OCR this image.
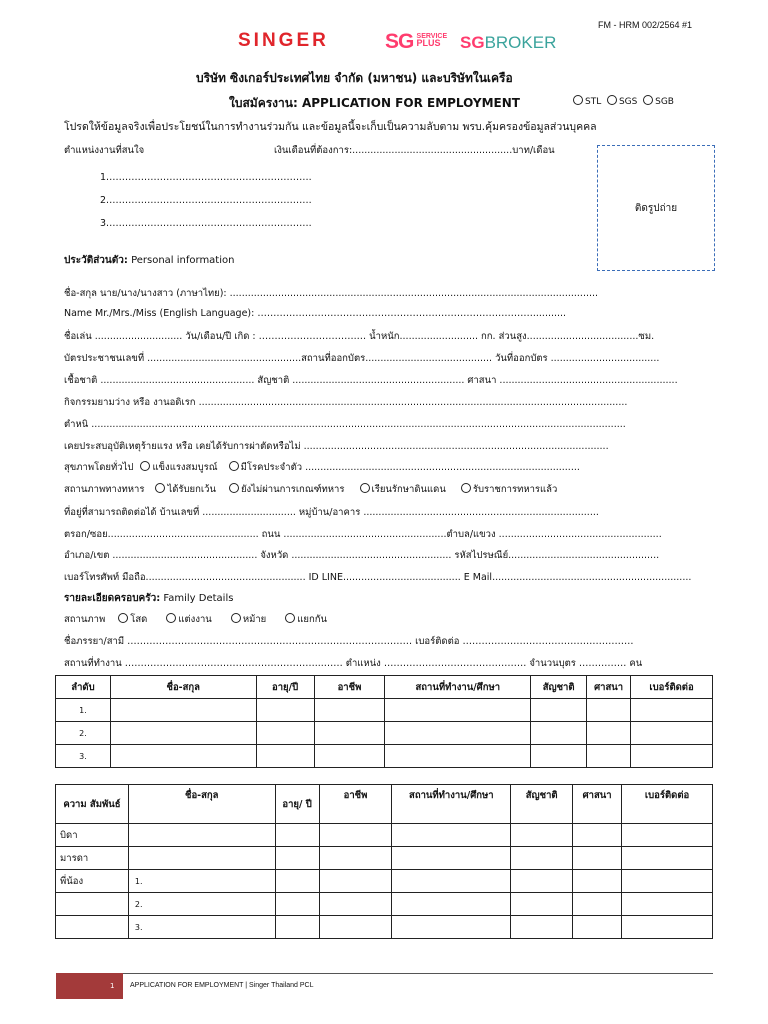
FM - HRM 002/2564 #1
SINGER	SG SERVICE
PLUS	SGBROKER
บริษัท ซิงเกอร์ประเทศไทย จำกัด (มหาชน) และบริษัทในเครือ
ใบสมัครงาน: APPLICATION FOR EMPLOYMENT	STL SGS SGB
โปรดให้ข้อมูลจริงเพื่อประโยชน์ในการทำงานร่วมกัน และข้อมูลนี้จะเก็บเป็นความลับตาม พรบ.คุ้มครองข้อมูลส่วนบุคคล
ตำแหน่งงานที่สนใจ	เงินเดือนที่ต้องการ:.....................................................บาท/เดือน
1.……………………………………………………….
2.……………………………………………………….
3.……………………………………………………….
ติดรูปถ่าย
ประวัติส่วนตัว: Personal information
ชื่อ-สกุล นาย/นาง/นางสาว (ภาษาไทย): ..........................................................................................................................
Name Mr./Mrs./Miss (English Language): ……………………………………………………………………………...........
ชื่อเล่น ............................. วัน/เดือน/ปี เกิด : ………………………….… น้ำหนัก.......................... กก. ส่วนสูง.....................................ซม.
บัตรประชาชนเลขที่ ...................................................สถานที่ออกบัตร.......................................... วันที่ออกบัตร ....................................
เชื้อชาติ ................................................... สัญชาติ ......................................................... ศาสนา ...........................................................
กิจกรรมยามว่าง หรือ งานอดิเรก ..............................................................................................................................................
ตำหนิ .................................................................................................................................................................................
เคยประสบอุบัติเหตุร้ายแรง หรือ เคยได้รับการผ่าตัดหรือไม่ .....................................................................................................
สุขภาพโดยทั่วไป แข็งแรงสมบูรณ์ มีโรคประจำตัว ...........................................................................................
สถานภาพทางทหาร ได้รับยกเว้น	ยังไม่ผ่านการเกณฑ์ทหาร	เรียนรักษาดินแดน	รับราชการทหารแล้ว
ที่อยู่ที่สามารถติดต่อได้ บ้านเลขที่ ............................... หมู่บ้าน/อาคาร ..............................................................................
ตรอก/ซอย.................................................. ถนน ......................................................ตำบล/แขวง ......................................................
อำเภอ/เขต ................................................ จังหวัด ..................................................... รหัสไปรษณีย์..................................................
เบอร์โทรศัพท์ มือถือ..................................................... ID LINE....................................... E Mail..................................................................
รายละเอียดครอบครัว: Family Details
สถานภาพ	โสด	แต่งงาน	หม้าย	แยกกัน
ชื่อภรรยา/สามี ……………………………………………………………………………… เบอร์ติดต่อ ………………………………………………
สถานที่ทำงาน ……………………………………………………...…… ตำแหน่ง ……………………………………… จำนวนบุตร …………… คน
ลำดับ	ชื่อ-สกุล	อายุ/ปี	อาชีพ	สถานที่ทำงาน/ศึกษา	สัญชาติ	ศาสนา	เบอร์ติดต่อ
1.							
2.							
3.							
ความ สัมพันธ์	ชื่อ-สกุล	อายุ/ ปี	อาชีพ	สถานที่ทำงาน/ศึกษา	สัญชาติ	ศาสนา	เบอร์ติดต่อ
บิดา							
มารดา							
พี่น้อง	1.						
	2.						
	3.						
1 APPLICATION FOR EMPLOYMENT | Singer Thailand PCL
